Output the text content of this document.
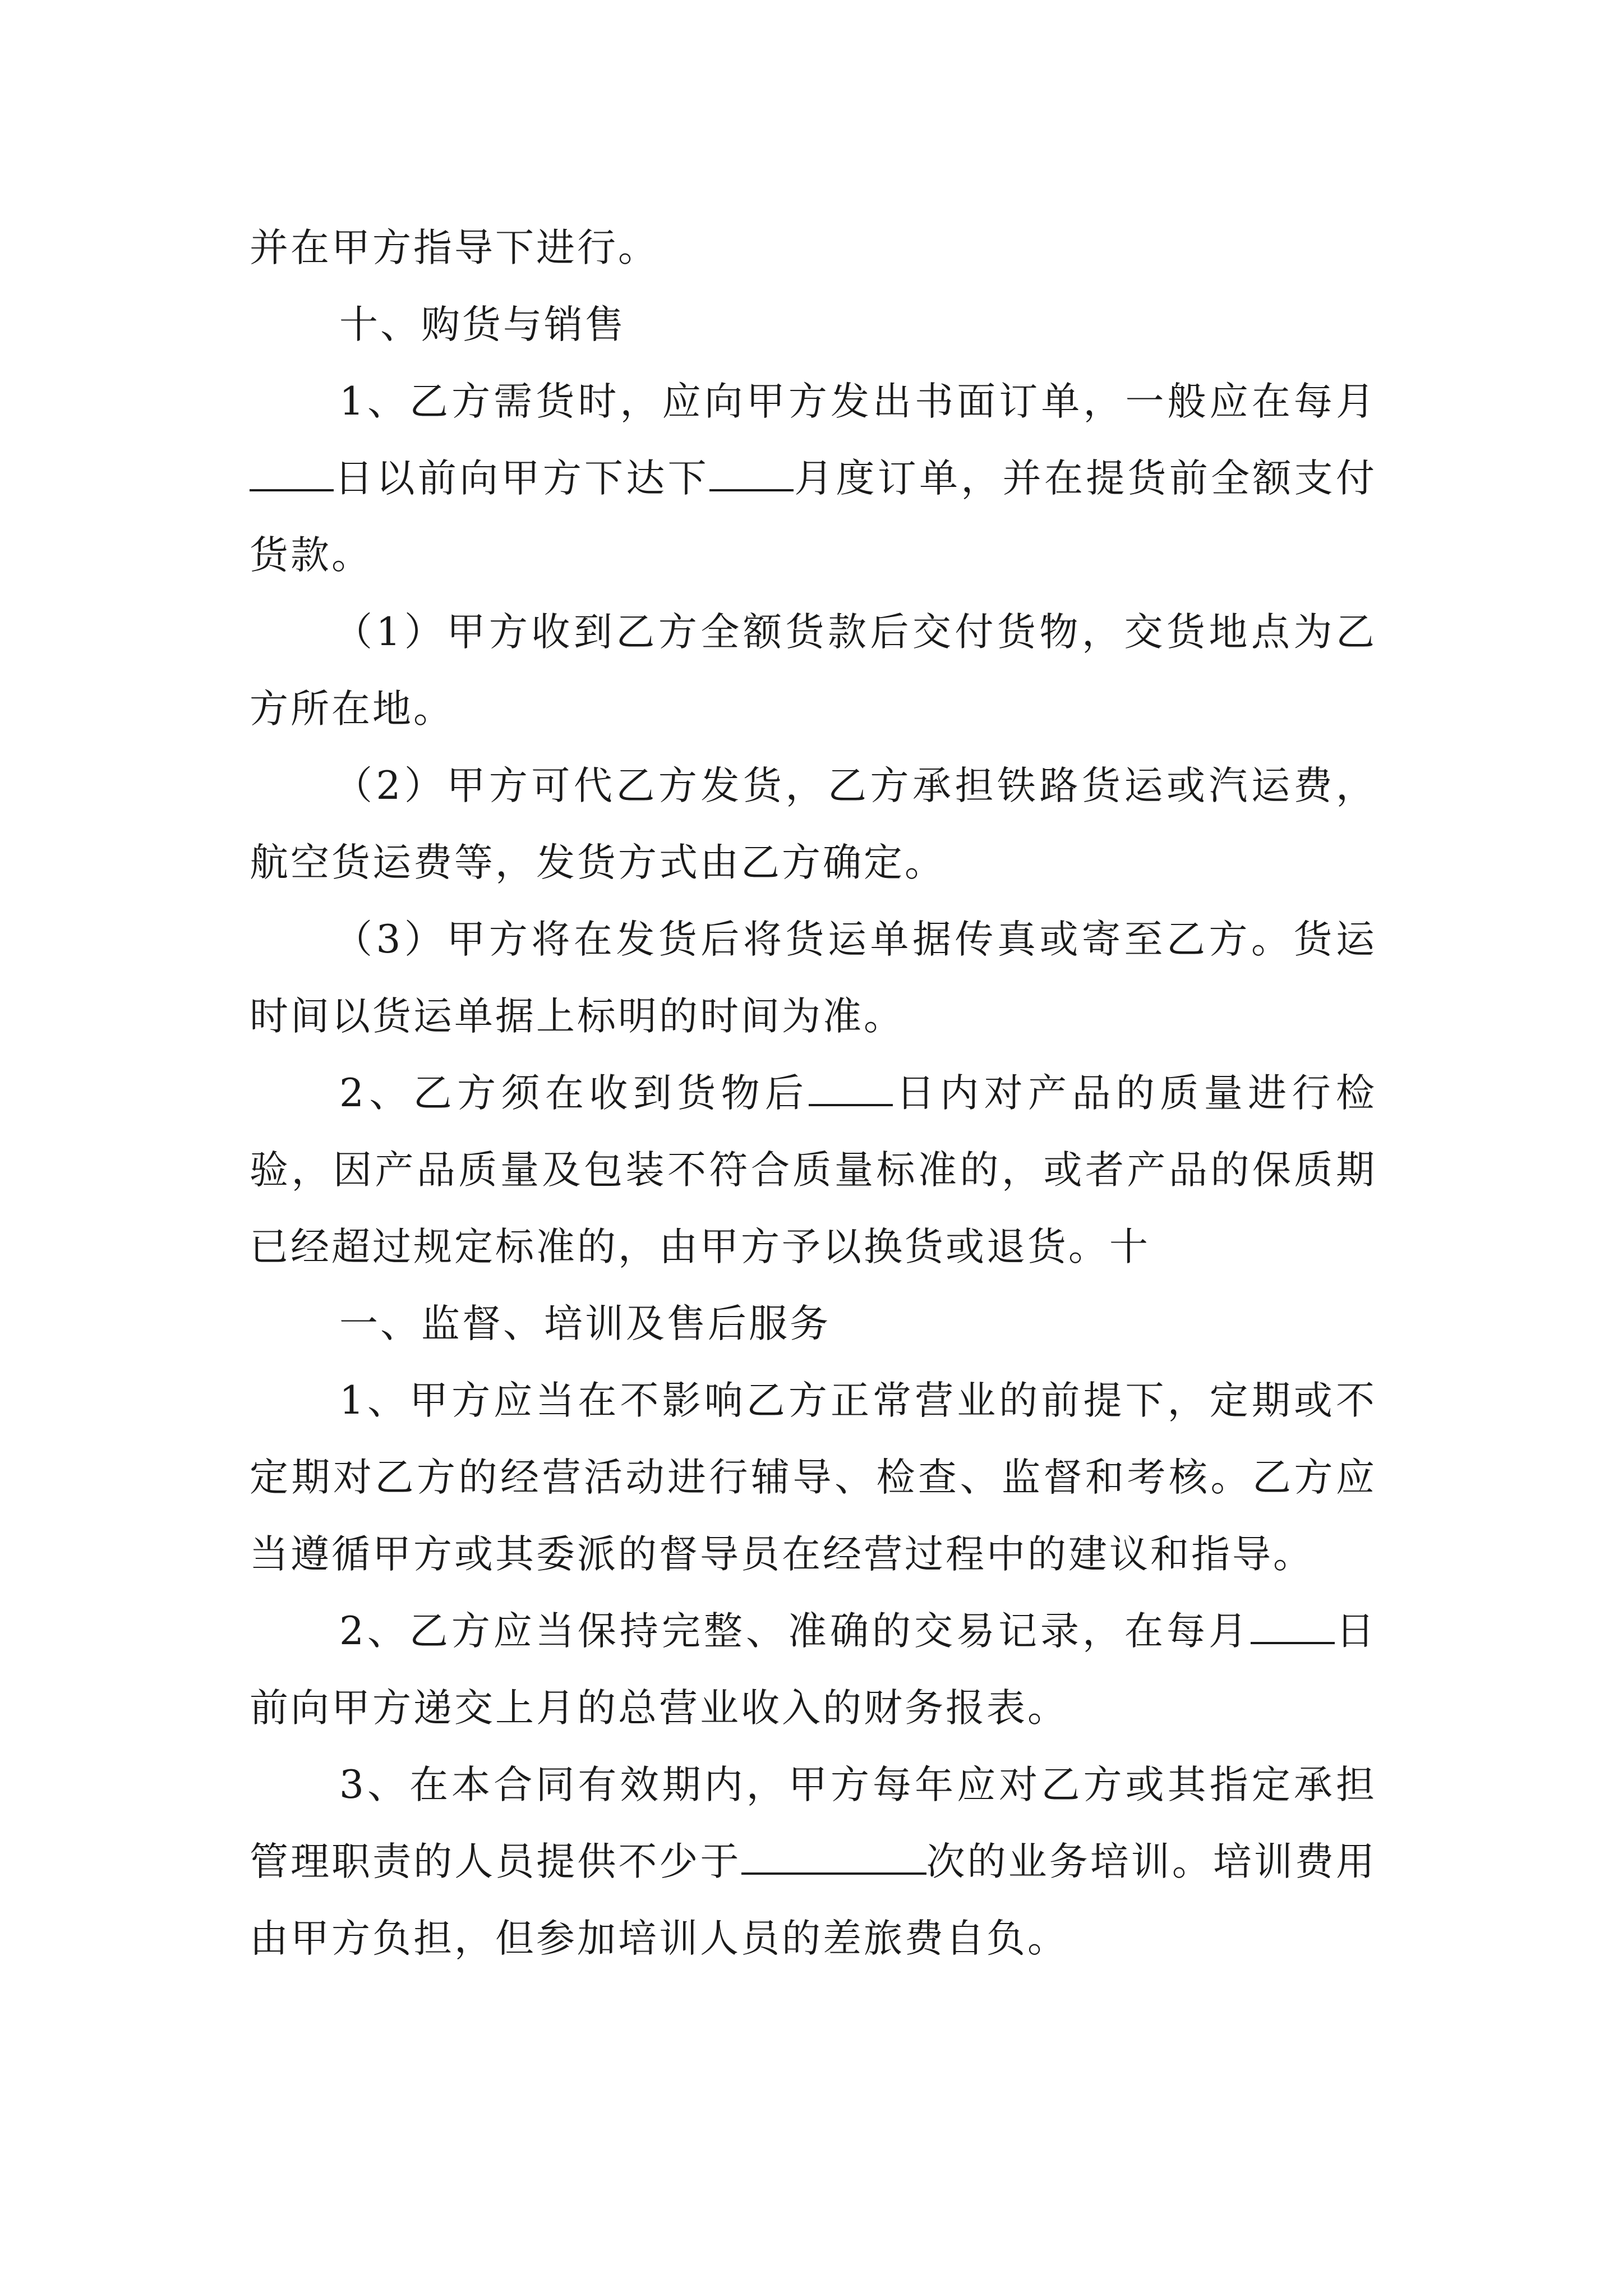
并在甲方指导下进行。

十、购货与销售

1、乙方需货时，应向甲方发出书面订单，一般应在每月日以前向甲方下达下 月度订单，并在提货前全额支付货款。

（1）甲方收到乙方全额货款后交付货物，交货地点为乙方所在地。

（2）甲方可代乙方发货，乙方承担铁路货运或汽运费，航空货运费等，发货方式由乙方确定。

（3）甲方将在发货后将货运单据传真或寄至乙方。货运时间以货运单据上标明的时间为准。

2、乙方须在收到货物后 日内对产品的质量进行检验，因产品质量及包装不符合质量标准的，或者产品的保质期已经超过规定标准的，由甲方予以换货或退货。十

一、监督、培训及售后服务

1、甲方应当在不影响乙方正常营业的前提下，定期或不定期对乙方的经营活动进行辅导、检查、监督和考核。乙方应当遵循甲方或其委派的督导员在经营过程中的建议和指导。

2、乙方应当保持完整、准确的交易记录，在每月 日前向甲方递交上月的总营业收入的财务报表。

3、在本合同有效期内，甲方每年应对乙方或其指定承担管理职责的人员提供不少于	次的业务培训。培训费用由甲方负担，但参加培训人员的差旅费自负。
